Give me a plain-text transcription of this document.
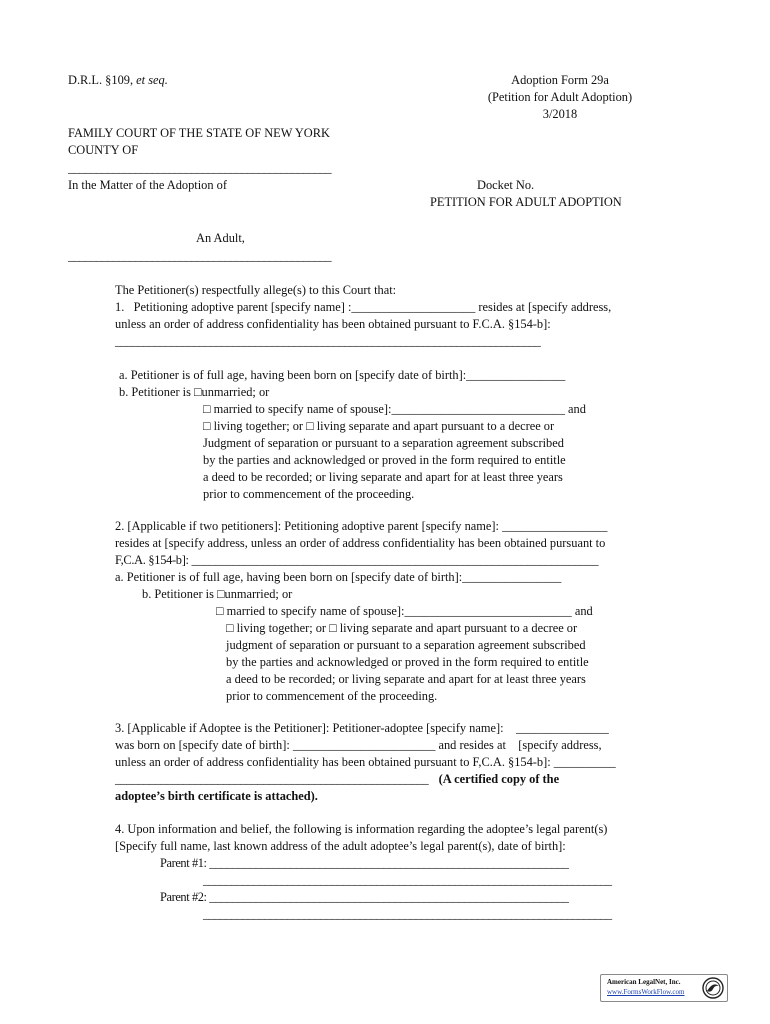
D.R.L. §109, et seq.	Adoption Form 29a
(Petition for Adult Adoption)
3/2018
FAMILY COURT OF THE STATE OF NEW YORK
COUNTY OF
_______________________________________________
In the Matter of the Adoption of	Docket No.
PETITION FOR ADULT ADOPTION
An Adult,
_______________________________________________
The Petitioner(s) respectfully allege(s) to this Court that:
1.   Petitioning adoptive parent [specify name] :____________________ resides at [specify address,
unless an order of address confidentiality has been obtained pursuant to F.C.A. §154-b]:
____________________________________________________________________________
a. Petitioner is of full age, having been born on [specify date of birth]:________________
b. Petitioner is □unmarried; or
□ married to specify name of spouse]:____________________________ and
□ living together; or □ living separate and apart pursuant to a decree or
Judgment of separation or pursuant to a separation agreement subscribed
by the parties and acknowledged or proved in the form required to entitle
a deed to be recorded; or living separate and apart for at least three years
prior to commencement of the proceeding.
2. [Applicable if two petitioners]: Petitioning adoptive parent [specify name]: _________________
resides at [specify address, unless an order of address confidentiality has been obtained pursuant to
F,C.A. §154-b]: _____________________________________________________________________
a. Petitioner is of full age, having been born on [specify date of birth]:________________
b. Petitioner is □unmarried; or
□ married to specify name of spouse]:___________________________ and
□ living together; or □ living separate and apart pursuant to a decree or
judgment of separation or pursuant to a separation agreement subscribed
by the parties and acknowledged or proved in the form required to entitle
a deed to be recorded; or living separate and apart for at least three years
prior to commencement of the proceeding.
3. [Applicable if Adoptee is the Petitioner]: Petitioner-adoptee [specify name]:    _______________
was born on [specify date of birth]: _______________________ and resides at    [specify address,
unless an order of address confidentiality has been obtained pursuant to F,C.A. §154-b]: __________
_______________________________________________________    (A certified copy of the
adoptee’s birth certificate is attached).
4. Upon information and belief, the following is information regarding the adoptee’s legal parent(s)
[Specify full name, last known address of the adult adoptee’s legal parent(s), date of birth]:
Parent #1: ______________________________________________________________
_________________________________________________________________________
Parent #2: ______________________________________________________________
_________________________________________________________________________
American LegalNet, Inc.
www.FormsWorkFlow.com
